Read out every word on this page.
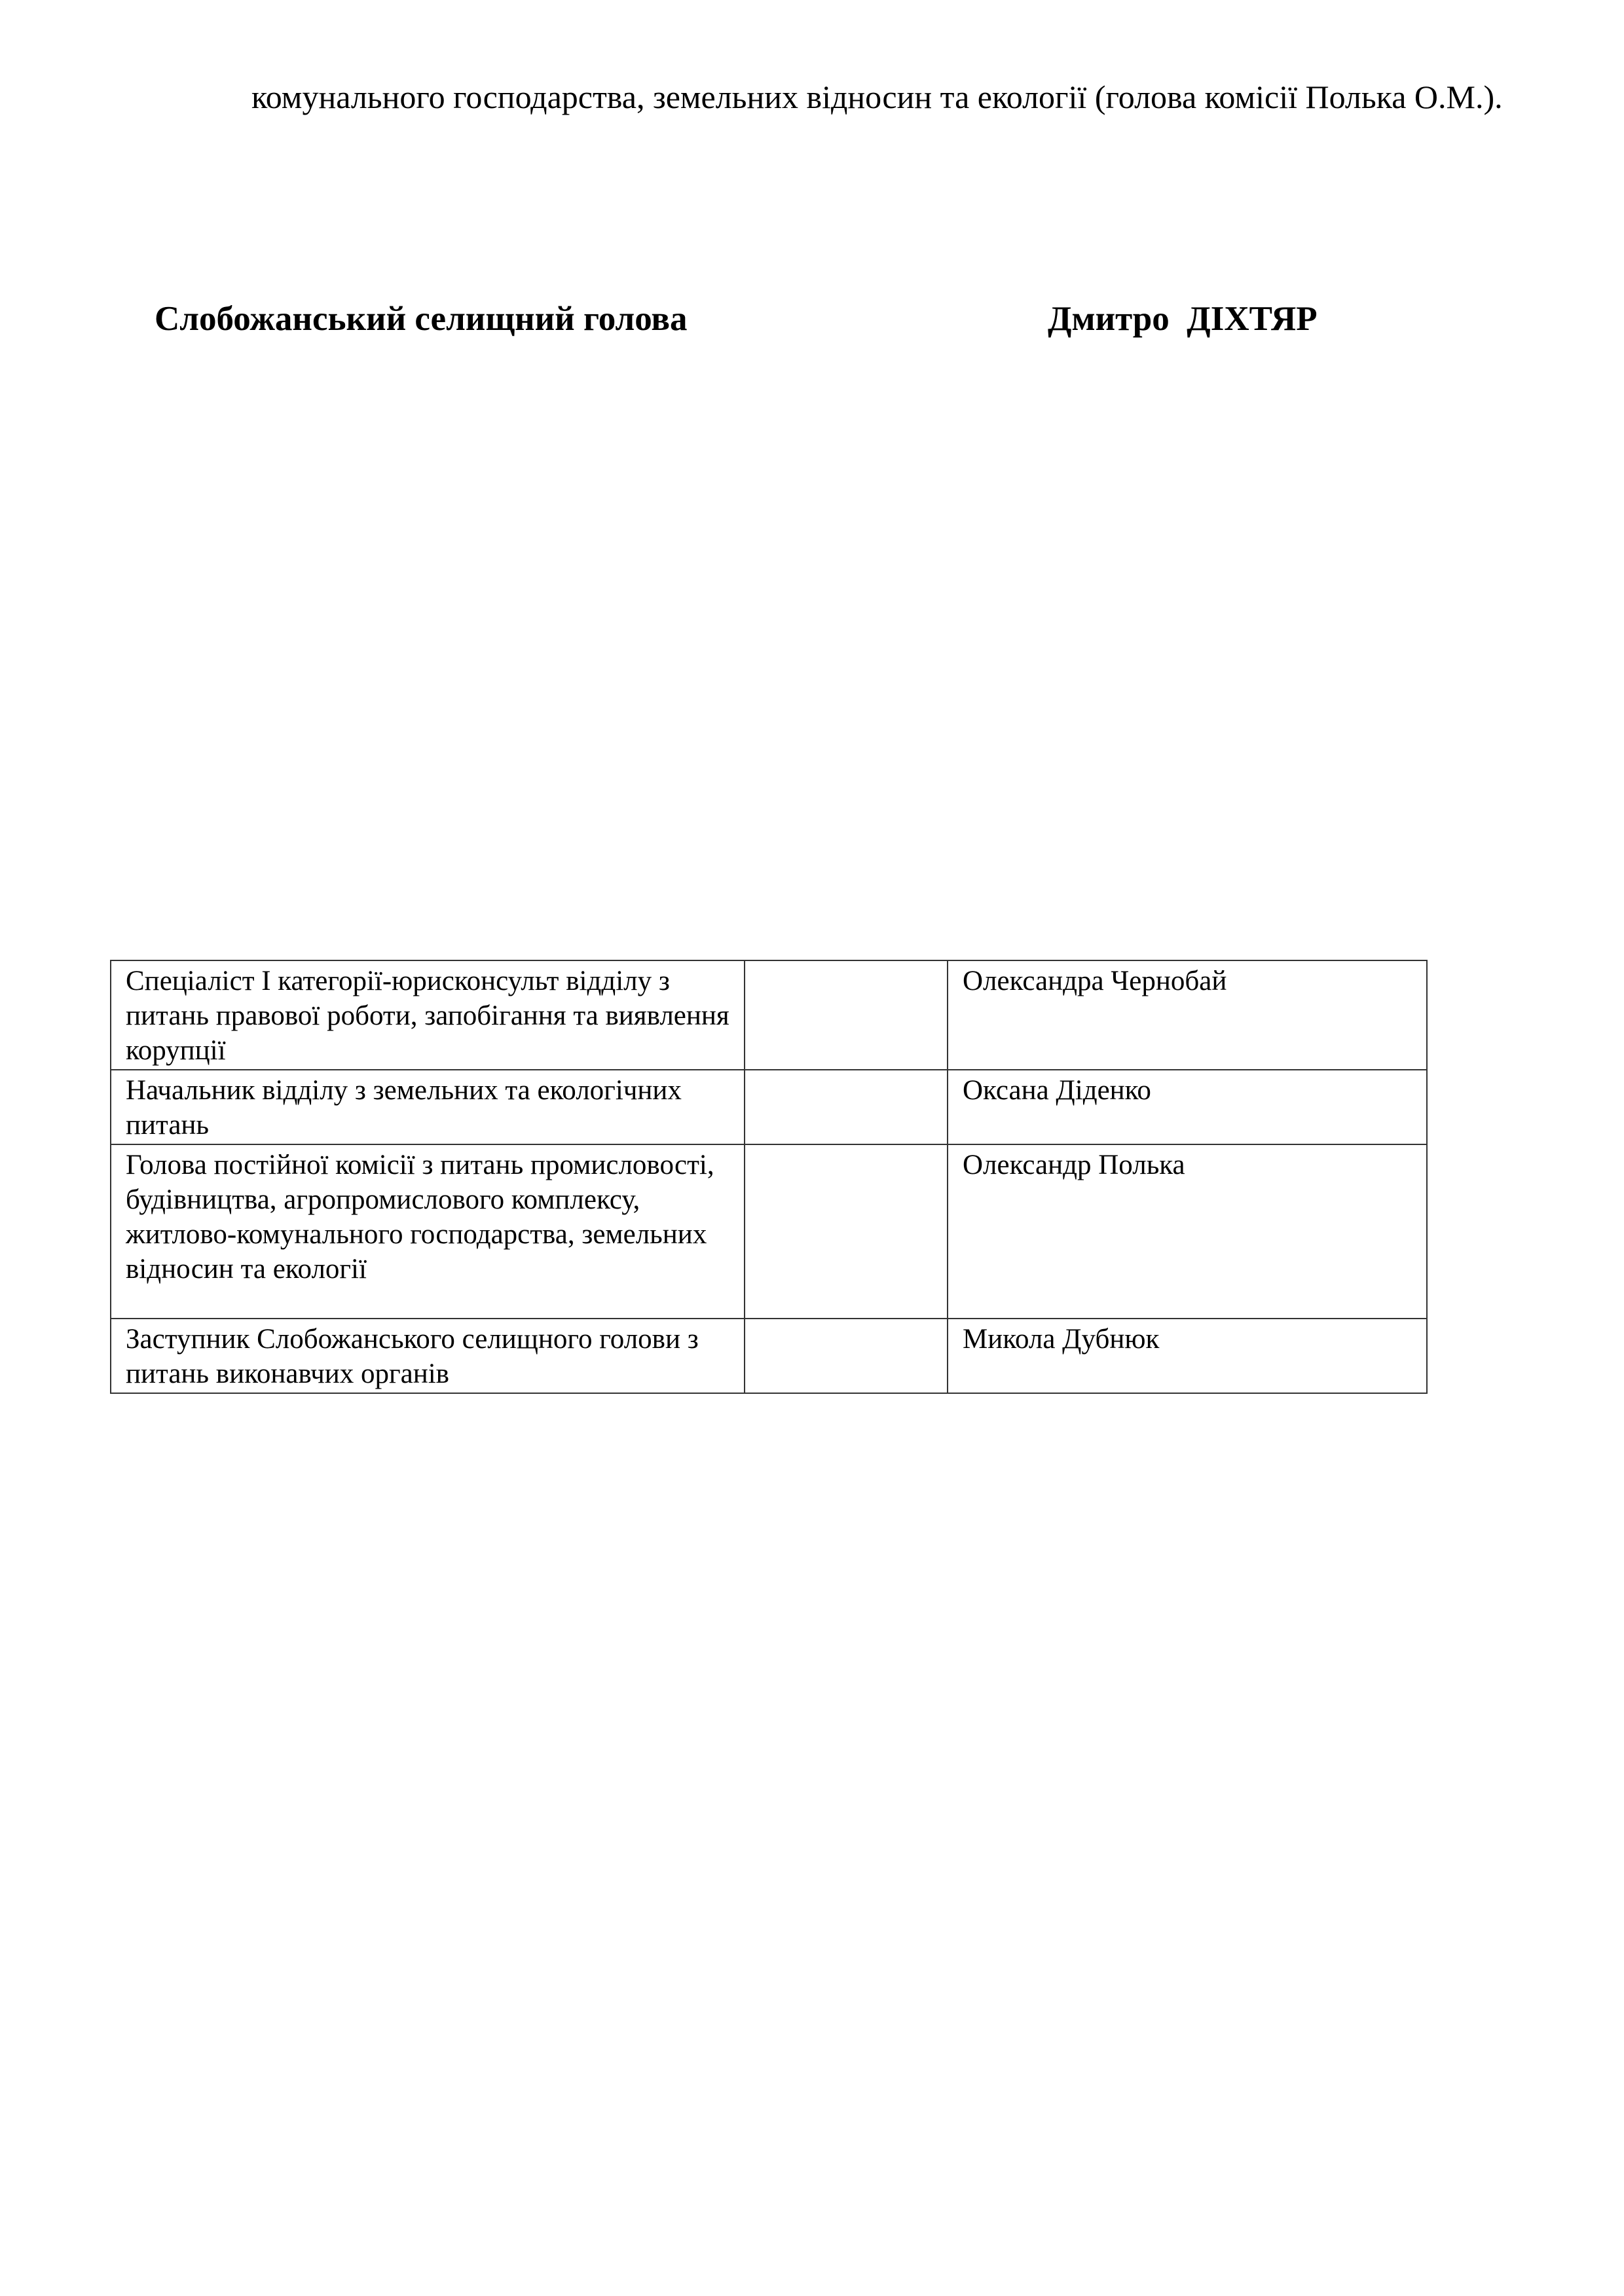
комунального господарства, земельних відносин та екології (голова комісії Полька О.М.).

Слобожанський селищний голова	Дмитро  ДІХТЯР

Спеціаліст І категорії-юрисконсульт відділу з питань правової роботи, запобігання та виявлення корупції		Олександра Чернобай
Начальник відділу з земельних та екологічних питань		Оксана Діденко
Голова постійної комісії з питань промисловості, будівництва, агропромислового комплексу, житлово-комунального господарства, земельних відносин та екології		Олександр Полька
Заступник Слобожанського селищного голови з питань виконавчих органів		Микола Дубнюк
